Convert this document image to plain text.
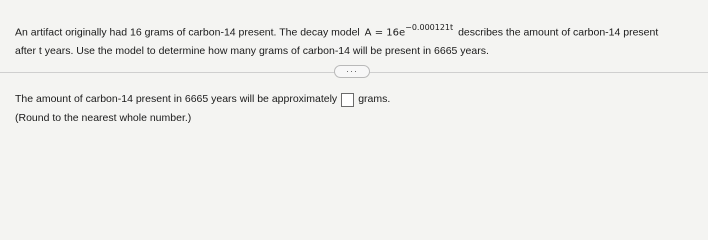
An artifact originally had 16 grams of carbon-14 present. The decay model $A = 16e^{-0.000121t}$ describes the amount of carbon-14 present
after t years. Use the model to determine how many grams of carbon-14 will be present in 6665 years.
···
The amount of carbon-14 present in 6665 years will be approximately grams.
(Round to the nearest whole number.)
